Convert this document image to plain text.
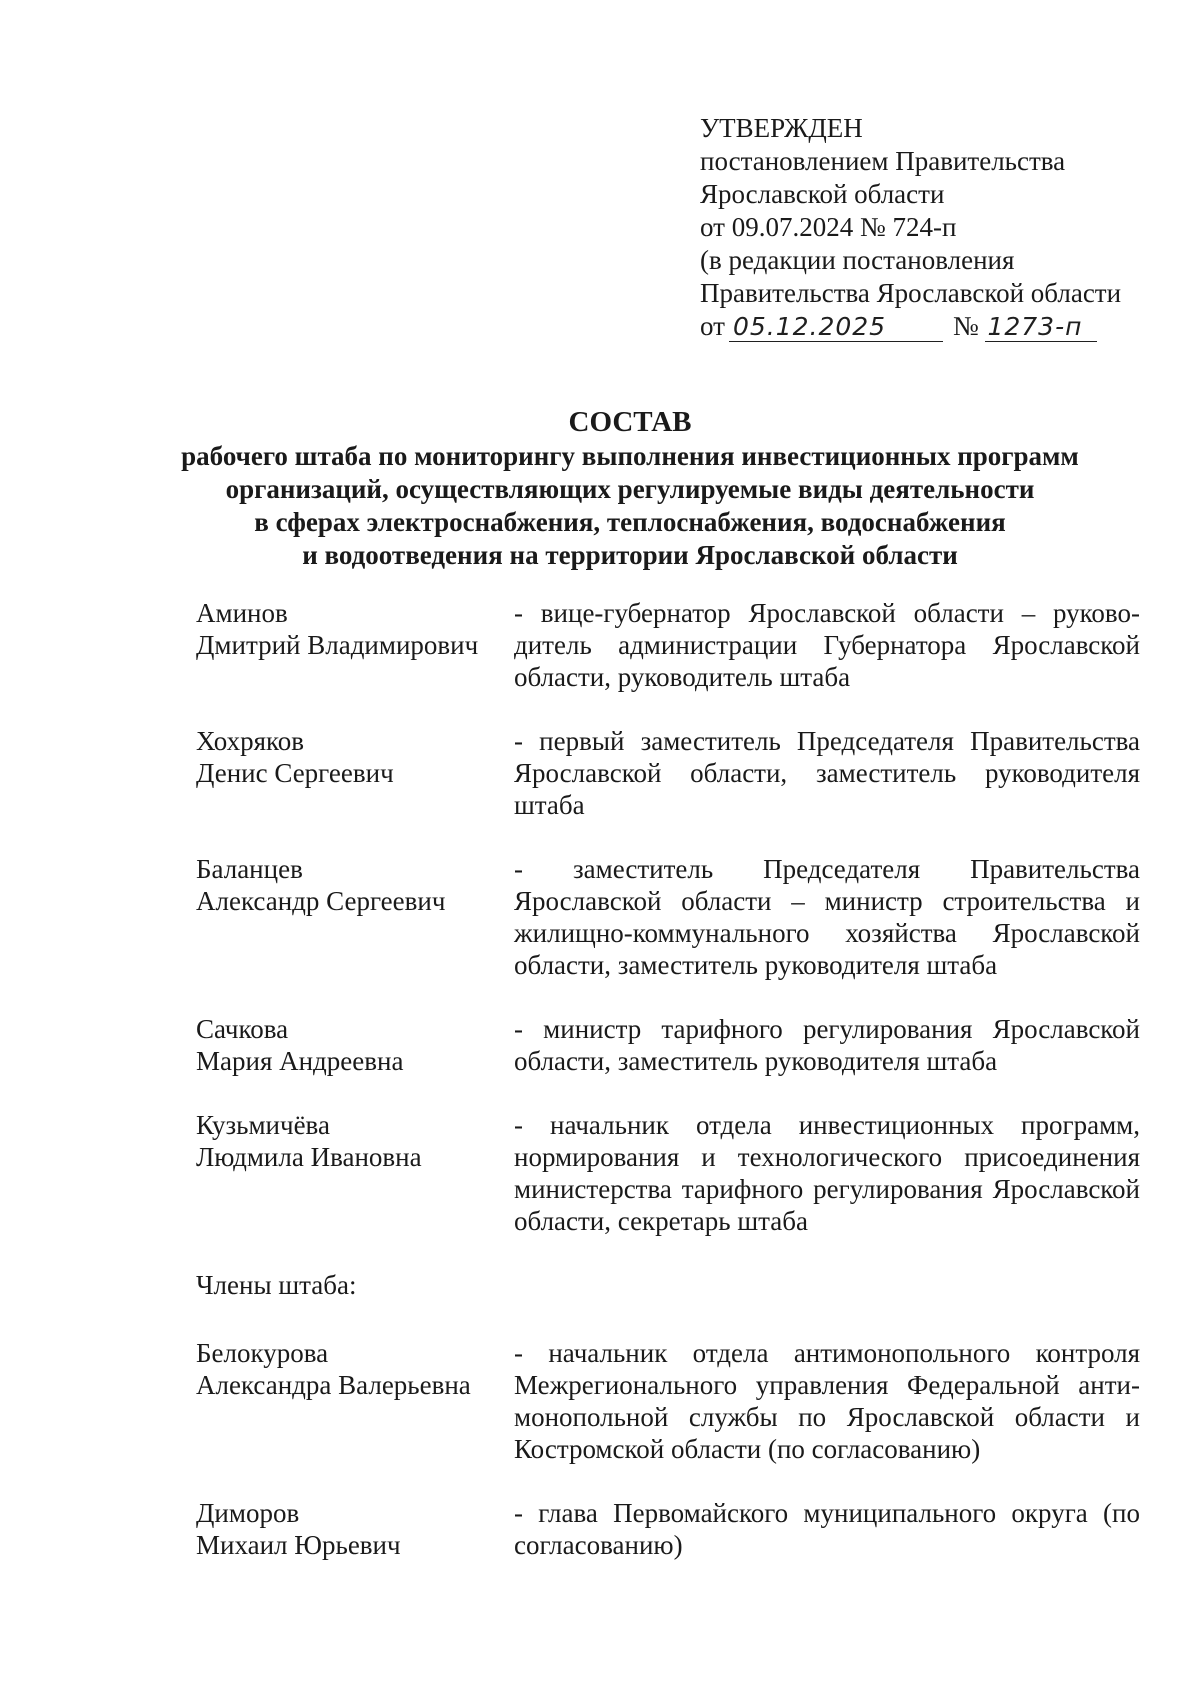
УТВЕРЖДЕН
постановлением Правительства
Ярославской области
от 09.07.2024 № 724-п
(в редакции постановления
Правительства Ярославской области
от 05.12.2025 № 1273-п
СОСТАВ
рабочего штаба по мониторингу выполнения инвестиционных программ
организаций, осуществляющих регулируемые виды деятельности
в сферах электроснабжения, теплоснабжения, водоснабжения
и водоотведения на территории Ярославской области
Аминов
Дмитрий Владимирович
- вице-губернатор Ярославской области – руководитель администрации Губернатора Ярославской области, руководитель штаба
Хохряков
Денис Сергеевич
- первый заместитель Председателя Правительства Ярославской области, заместитель руководителя штаба
Баланцев
Александр Сергеевич
- заместитель Председателя Правительства Ярославской области – министр строительства и жилищно-коммунального хозяйства Ярославской области, заместитель руководителя штаба
Сачкова
Мария Андреевна
- министр тарифного регулирования Ярославской области, заместитель руководителя штаба
Кузьмичёва
Людмила Ивановна
- начальник отдела инвестиционных программ, нормирования и технологического присоединения министерства тарифного регулирования Ярославской области, секретарь штаба
Члены штаба:
Белокурова
Александра Валерьевна
- начальник отдела антимонопольного контроля Межрегионального управления Федеральной антимонопольной службы по Ярославской области и Костромской области (по согласованию)
Диморов
Михаил Юрьевич
- глава Первомайского муниципального округа (по согласованию)
